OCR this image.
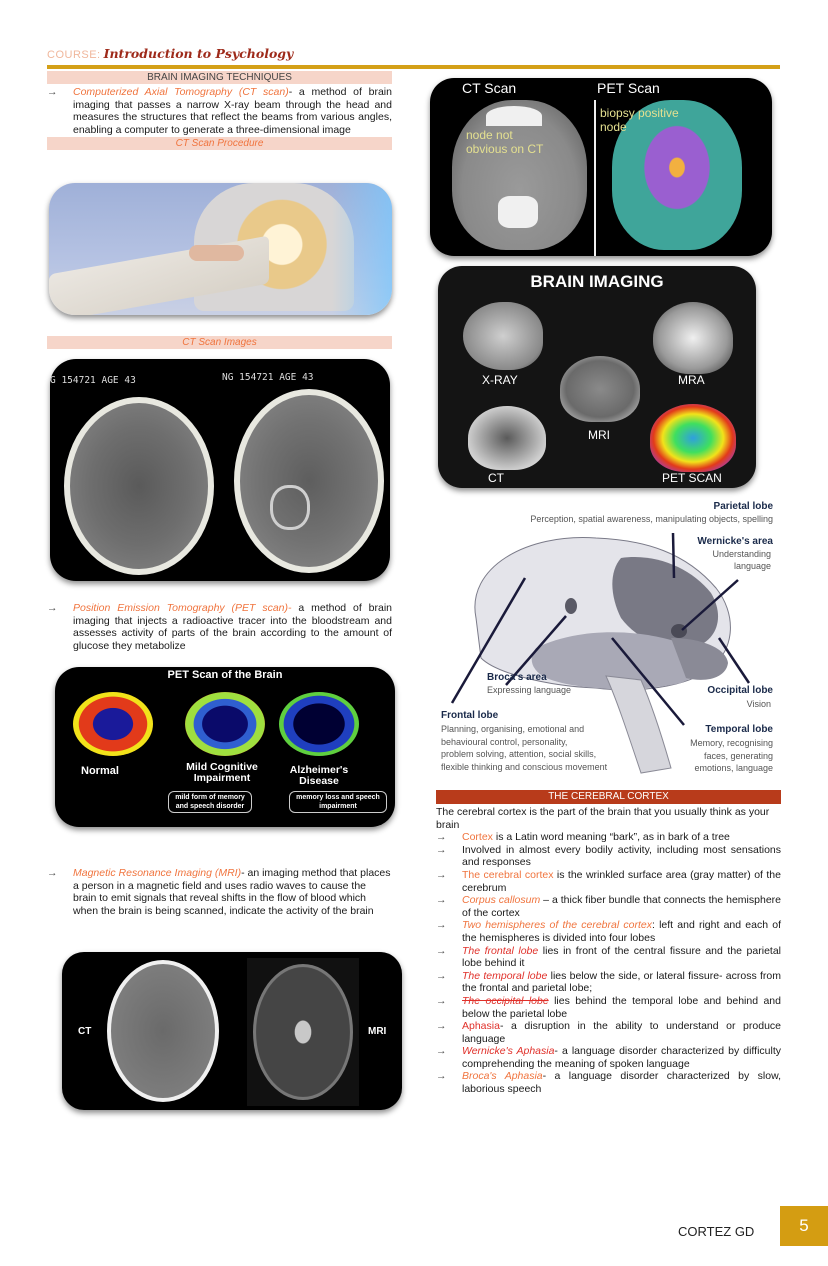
COURSE: Introduction to Psychology
BRAIN IMAGING TECHNIQUES
→	Computerized Axial Tomography (CT scan)- a method of brain imaging that passes a narrow X-ray beam through the head and measures the structures that reflect the beams from various angles, enabling a computer to generate a three-dimensional image
CT Scan Procedure
CT Scan Images
G 154721 AGE 43	NG 154721 AGE 43
→	Position Emission Tomography (PET scan)- a method of brain imaging that injects a radioactive tracer into the bloodstream and assesses activity of parts of the brain according to the amount of glucose they metabolize
PET Scan of the Brain
Normal	Mild Cognitive Impairment
Alzheimer's Disease
mild form of memory and speech disorder
memory loss and speech impairment
→	Magnetic Resonance Imaging (MRI)- an imaging method that places a person in a magnetic field and uses radio waves to cause the brain to emit signals that reveal shifts in the flow of blood which when the brain is being scanned, indicate the activity of the brain
CT	MRI
CT Scan	PET Scan
node not obvious on CT
biopsy positive node
BRAIN IMAGING
X-RAY	MRA
MRI
CT	PET SCAN
Parietal lobe
Perception, spatial awareness, manipulating objects, spelling
Wernicke's area
Understanding
language
Broca's area
Expressing language	Occipital lobe
Vision
Frontal lobe
Planning, organising, emotional and
behavioural control, personality,
problem solving, attention, social skills,
flexible thinking and conscious movement
Temporal lobe
Memory, recognising
faces, generating
emotions, language
THE CEREBRAL CORTEX
The cerebral cortex is the part of the brain that you usually think as your brain
→	Cortex is a Latin word meaning “bark”, as in bark of a tree
→	Involved in almost every bodily activity, including most sensations and responses
→	The cerebral cortex is the wrinkled surface area (gray matter) of the cerebrum
→	Corpus callosum – a thick fiber bundle that connects the hemisphere of the cortex
→	Two hemispheres of the cerebral cortex: left and right and each of the hemispheres is divided into four lobes
→	The frontal lobe lies in front of the central fissure and the parietal lobe behind it
→	The temporal lobe lies below the side, or lateral fissure- across from the frontal and parietal lobe;
→	The occipital lobe lies behind the temporal lobe and behind and below the parietal lobe
→	Aphasia- a disruption in the ability to understand or produce language
→	Wernicke's Aphasia- a language disorder characterized by difficulty comprehending the meaning of spoken language
→	Broca's Aphasia- a language disorder characterized by slow, laborious speech
CORTEZ GD	5
